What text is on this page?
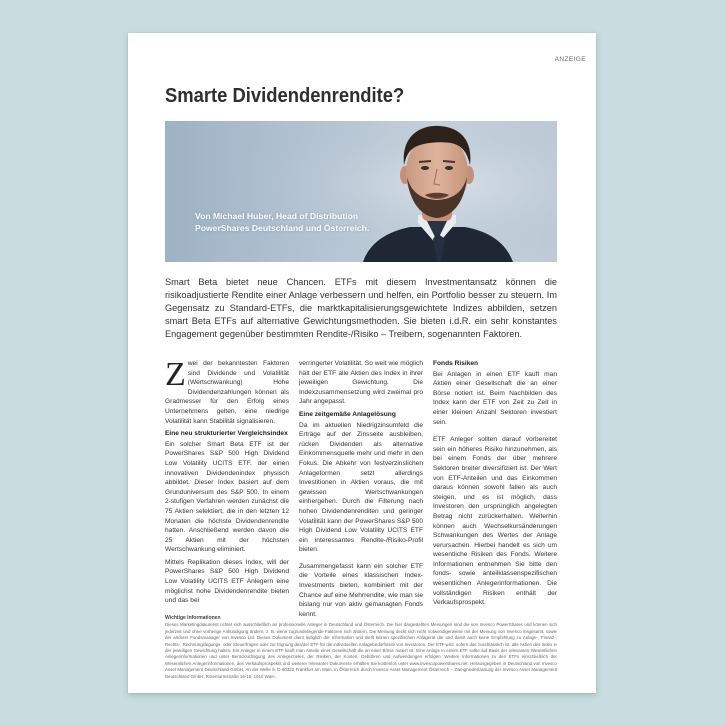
ANZEIGE
Smarte Dividendenrendite?
Von Michael Huber, Head of Distribution
PowerShares Deutschland und Österreich.

Smart Beta bietet neue Chancen. ETFs mit diesem Investmentansatz können die risikoadjustierte Rendite einer Anlage verbessern und helfen, ein Portfolio besser zu steuern. Im Gegensatz zu Standard-ETFs, die marktkapitalisierungsgewichtete Indizes abbilden, setzen smart Beta ETFs auf alternative Gewichtungsmethoden. Sie bieten i.d.R. ein sehr konstantes Engagement gegenüber bestimmten Rendite-/Risiko – Treibern, sogenannten Faktoren.

Zwei der bekanntesten Faktoren sind Dividende und Volatilität (Wertschwankung) Hohe Dividendenzahlungen können als Gradmesser für den Erfolg eines Unternehmens gelten, eine niedrige Volatilität kann Stabilität signalisieren.

Eine neu strukturierter Vergleichsindex

Ein solcher Smart Beta ETF ist der PowerShares S&P 500 High Dividend Low Volatility UCITS ETF, der einen innovativen Dividendenindex physisch abbildet. Dieser Index basiert auf dem Grunduniversum des S&P 500. In einem 2-stufigen Verfahren werden zunächst die 75 Aktien selektiert, die in den letzten 12 Monaten die höchste Dividendenrendite hatten. Anschließend werden davon die 25 Aktien mit der höchsten Wertschwankung eliminiert.

Mittels Replikation dieses Index, will der PowerShares S&P 500 High Dividend Low Volatility UCITS ETF Anlegern eine möglichst hohe Dividendenrendite bieten und das bei

verringerter Volatilität. So weit wie möglich hält der ETF alle Aktien des Index in ihrer jeweiligen Gewichtung. Die Indexzusammensetzung wird zweimal pro Jahr angepasst.

Eine zeitgemäße Anlagelösung

Da im aktuellen Niedrigzinsumfeld die Erträge auf der Zinsseite ausbleiben, rücken Dividenden als alternative Einkommensquelle mehr und mehr in den Fokus. Die Abkehr von festverzinslichen Anlageformen setzt allerdings Investitionen in Aktien voraus, die mit gewissen Wertschwankungen einhergehen. Durch die Filterung nach hohen Dividendenrenditen und geringer Volatilität kann der PowerShares S&P 500 High Dividend Low Volatility UCITS ETF ein interessantes Rendite-/Risiko-Profil bieten.

Zusammengefasst kann ein solcher ETF die Vorteile eines klassischen Index-Investments bieten, kombiniert mit der Chance auf eine Mehrrendite, wie man sie bislang nur von aktiv gemanagten Fonds kennt.

Fonds Risiken

Bei Anlagen in einen ETF kauft man Aktien einer Gesellschaft die an einer Börse notiert ist. Beim Nachbilden des Index kann der ETF von Zeit zu Zeit in einer kleinen Anzahl Sektoren investiert sein.

ETF Anleger sollten darauf vorbereitet sein ein höheres Risiko hinzunehmen, als bei einem Fonds der über mehrere Sektoren breiter diversifiziert ist. Der Wert von ETF-Anteilen und das Einkommen daraus können sowohl fallen als auch steigen, und es ist möglich, dass Investoren den ursprünglich angelegten Betrag nicht zurückerhalten. Weiterhin können auch Wechselkursänderungen Schwankungen des Wertes der Anlage verursachen. Hierbei handelt es sich um wesentliche Risiken des Fonds. Weitere Informationen entnehmen Sie bitte den fonds- sowie anteilklassenspezifischen wesentlichen Anlegerinformationen. Die vollständigen Risiken enthält der Verkaufsprospekt.

Wichtige Informationen
Dieses Marketingdokument richtet sich ausschließlich an professionelle Anleger in Deutschland und Österreich. Die hier dargestellten Meinungen sind die von Invesco PowerShares und können sich jederzeit und ohne vorherige Ankündigung ändern, z. B. wenn zugrundeliegende Faktoren sich ändern. Die Meinung deckt sich nicht notwendigerweise mit der Meinung von Invesco insgesamt, sowie der anderer Fondsmanager von Invesco Ltd. Dieses Dokument dient lediglich der Information und stellt keinen spezifischen Anlagerat dar und damit auch keine Empfehlung zu Anlage-, Finanz-, Rechts-, Rechnungslegungs- oder Steuerfragen oder zur Eignung des/der ETF für die individuellen Anlagebedürfnisse von Investoren. Der ETF wird, sofern das zuschlässlich ist, alle Aktien des Index in der jeweiligen Gewichtung halten. Ein Anleger in einem ETF kauft man Anteile einer Gesellschaft die an einer Börse notiert ist. Eine Anlage in einem ETF sollte auf Basis der relevanten Wesentlichen Anlegerinformationen und unter Berücksichtigung des Anlegerzieles, der Risiken, der Kosten, Gebühren und Aufwendungen erfolgen. Weitere Informationen zu den ETFs einschließlich der Wesentlichen Anlegerinformationen, des Verkaufsprospekts und weiterer relevanter Dokumente erhalten Sie kostenlos unter www.invescopowershares.net. Herausgegeben in Deutschland von Invesco Asset Management Deutschland GmbH, An der Welle 5, D-60322 Frankfurt am Main, in Österreich durch Invesco Asset Management Österreich – Zweigniederlassung der Invesco Asset Management Deutschland GmbH, Rotenturmstraße 16-18, 1010 Wien.
